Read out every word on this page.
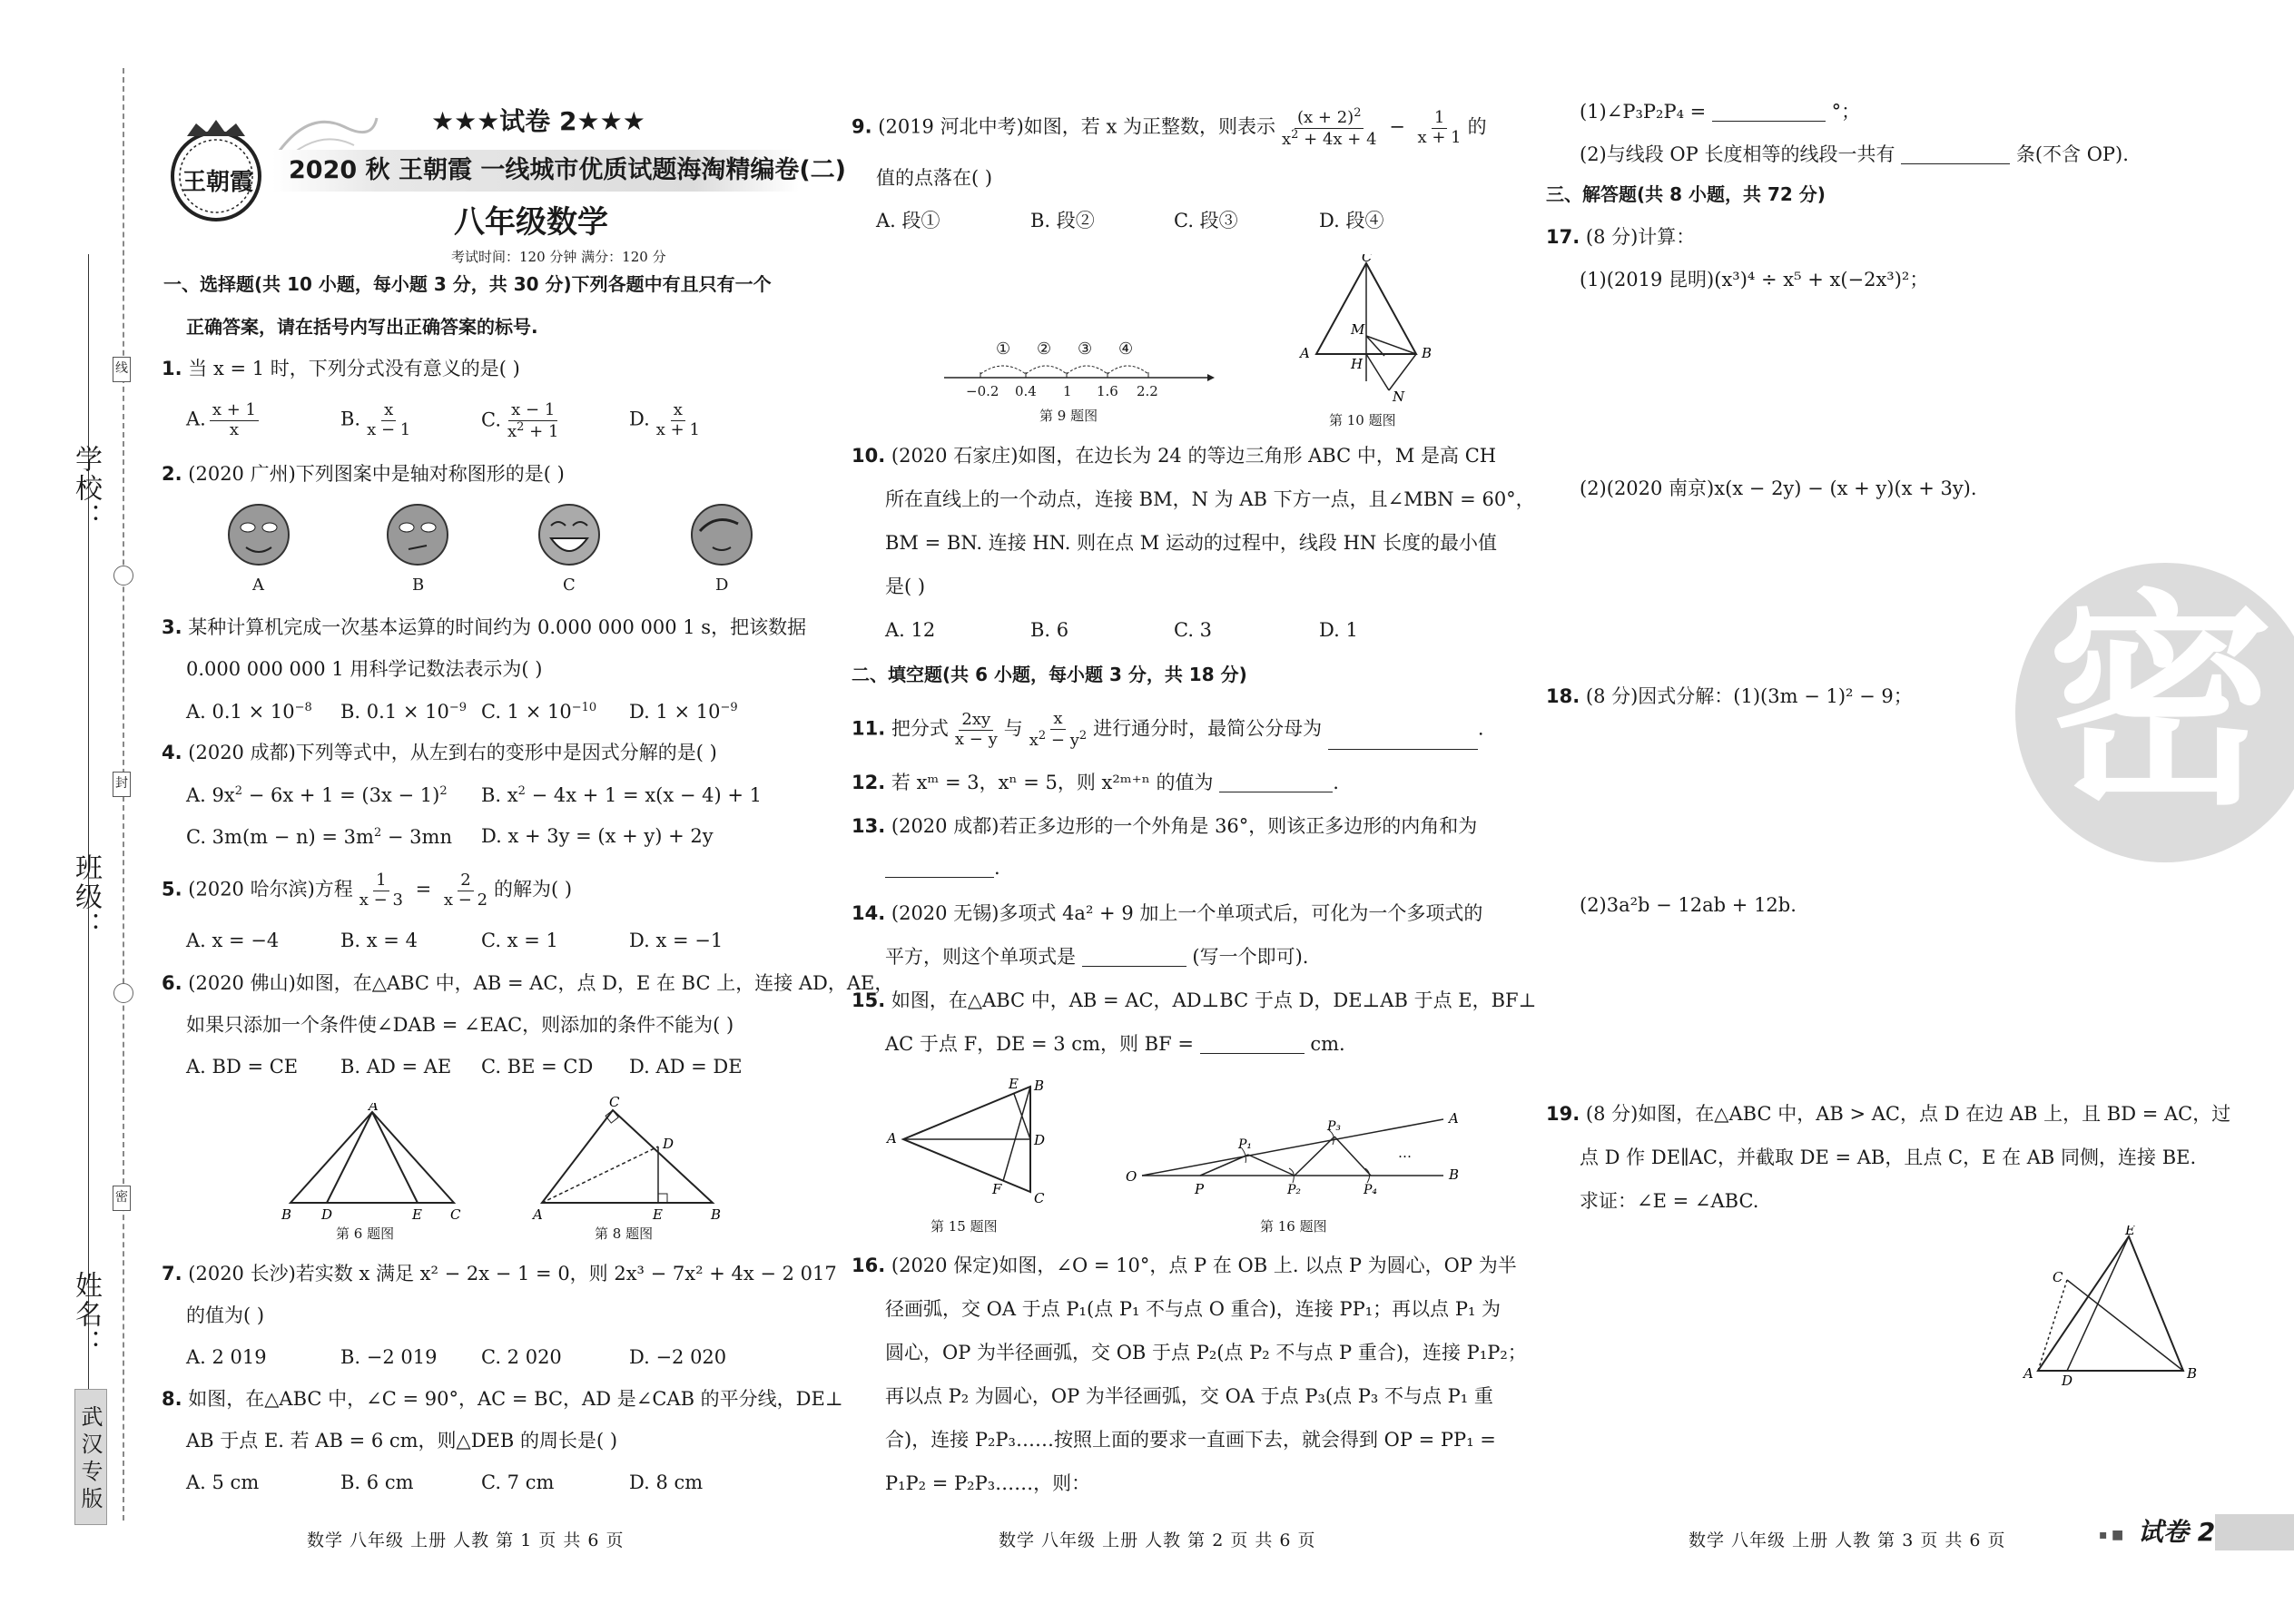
学校：
班级：
姓名：
线
封
密
武汉专版
王朝霞
★★★试卷 2★★★
2020 秋 王朝霞 一线城市优质试题海淘精编卷(二)
八年级数学
考试时间：120 分钟 满分：120 分
一、选择题(共 10 小题，每小题 3 分，共 30 分)下列各题中有且只有一个
正确答案，请在括号内写出正确答案的标号.
1. 当 x = 1 时，下列分式没有意义的是( )
A. $\frac{x + 1}{x}$	B. $\frac{x}{x - 1}$	C. $\frac{x - 1}{x^2 + 1}$	D. $\frac{x}{x + 1}$
2. (2020 广州)下列图案中是轴对称图形的是( )
A	B	C	D
3. 某种计算机完成一次基本运算的时间约为 0.000 000 000 1 s，把该数据
0.000 000 000 1 用科学记数法表示为( )
A. $0.1 \times 10^{-8}$ B. $0.1 \times 10^{-9}$ C. $1 \times 10^{-10}$ D. $1 \times 10^{-9}$
4. (2020 成都)下列等式中，从左到右的变形中是因式分解的是( )
A. $9x^2 - 6x + 1 = (3x - 1)^2$ B. $x^2 - 4x + 1 = x(x - 4) + 1$
C. $3m(m - n) = 3m^2 - 3mn$ D. x + 3y = (x + y) + 2y
5. (2020 哈尔滨)方程 $\frac{1}{x - 3} = \frac{2}{x - 2}$ 的解为( )
A. x = −4	B. x = 4	C. x = 1	D. x = −1
6. (2020 佛山)如图，在△ABC 中，AB = AC，点 D，E 在 BC 上，连接 AD，AE，
如果只添加一个条件使∠DAB = ∠EAC，则添加的条件不能为( )
A. BD = CE B. AD = AE C. BE = CD D. AD = DE
A
B D	E C
第 6 题图
C
D
A	E	B
第 8 题图
7. (2020 长沙)若实数 x 满足 x² − 2x − 1 = 0，则 2x³ − 7x² + 4x − 2 017
的值为( )
A. 2 019	B. −2 019 C. 2 020	D. −2 020
8. 如图，在△ABC 中，∠C = 90°，AC = BC，AD 是∠CAB 的平分线，DE⊥
AB 于点 E. 若 AB = 6 cm，则△DEB 的周长是( )
A. 5 cm	B. 6 cm	C. 7 cm	D. 8 cm
数学 八年级 上册 人教 第 1 页 共 6 页
9. (2019 河北中考)如图，若 x 为正整数，则表示 $\frac{(x + 2)^2}{x^2 + 4x + 4} - \frac{1}{x + 1}$ 的
值的点落在( )
A. 段①	B. 段②	C. 段③	D. 段④
① ② ③ ④
−0.2 0.4 1 1.6 2.2
第 9 题图
C
A	B
M
H
N
第 10 题图
10. (2020 石家庄)如图，在边长为 24 的等边三角形 ABC 中，M 是高 CH
所在直线上的一个动点，连接 BM，N 为 AB 下方一点，且∠MBN = 60°，
BM = BN. 连接 HN. 则在点 M 运动的过程中，线段 HN 长度的最小值
是( )
A. 12	B. 6	C. 3	D. 1
二、填空题(共 6 小题，每小题 3 分，共 18 分)
11. 把分式 $\frac{2xy}{x - y}$ 与 $\frac{x}{x^2 - y^2}$ 进行通分时，最简公分母为	.
12. 若 xᵐ = 3，xⁿ = 5，则 x²ᵐ⁺ⁿ 的值为	.
13. (2020 成都)若正多边形的一个外角是 36°，则该正多边形的内角和为
.
14. (2020 无锡)多项式 4a² + 9 加上一个单项式后，可化为一个多项式的
平方，则这个单项式是	(写一个即可).
15. 如图，在△ABC 中，AB = AC，AD⊥BC 于点 D，DE⊥AB 于点 E，BF⊥
AC 于点 F，DE = 3 cm，则 BF =	cm.
A
E B
D
F
C
第 15 题图
O
P
P₁
P₂
P₃
P₄
…
A
B
第 16 题图
16. (2020 保定)如图，∠O = 10°，点 P 在 OB 上. 以点 P 为圆心，OP 为半
径画弧，交 OA 于点 P₁(点 P₁ 不与点 O 重合)，连接 PP₁；再以点 P₁ 为
圆心，OP 为半径画弧，交 OB 于点 P₂(点 P₂ 不与点 P 重合)，连接 P₁P₂；
再以点 P₂ 为圆心，OP 为半径画弧，交 OA 于点 P₃(点 P₃ 不与点 P₁ 重
合)，连接 P₂P₃……按照上面的要求一直画下去，就会得到 OP = PP₁ =
P₁P₂ = P₂P₃……，则：
数学 八年级 上册 人教 第 2 页 共 6 页
(1)∠P₃P₂P₄ =	°；
(2)与线段 OP 长度相等的线段一共有	条(不含 OP).
三、解答题(共 8 小题，共 72 分)
17. (8 分)计算：
(1)(2019 昆明)(x³)⁴ ÷ x⁵ + x(−2x³)²；
(2)(2020 南京)x(x − 2y) − (x + y)(x + 3y).
18. (8 分)因式分解：(1)(3m − 1)² − 9；
(2)3a²b − 12ab + 12b.
19. (8 分)如图，在△ABC 中，AB > AC，点 D 在边 AB 上，且 BD = AC，过
点 D 作 DE∥AC，并截取 DE = AB，且点 C，E 在 AB 同侧，连接 BE.
求证：∠E = ∠ABC.
E
C
A D	B
密
数学 八年级 上册 人教 第 3 页 共 6 页	▪ ■ 试卷 2
